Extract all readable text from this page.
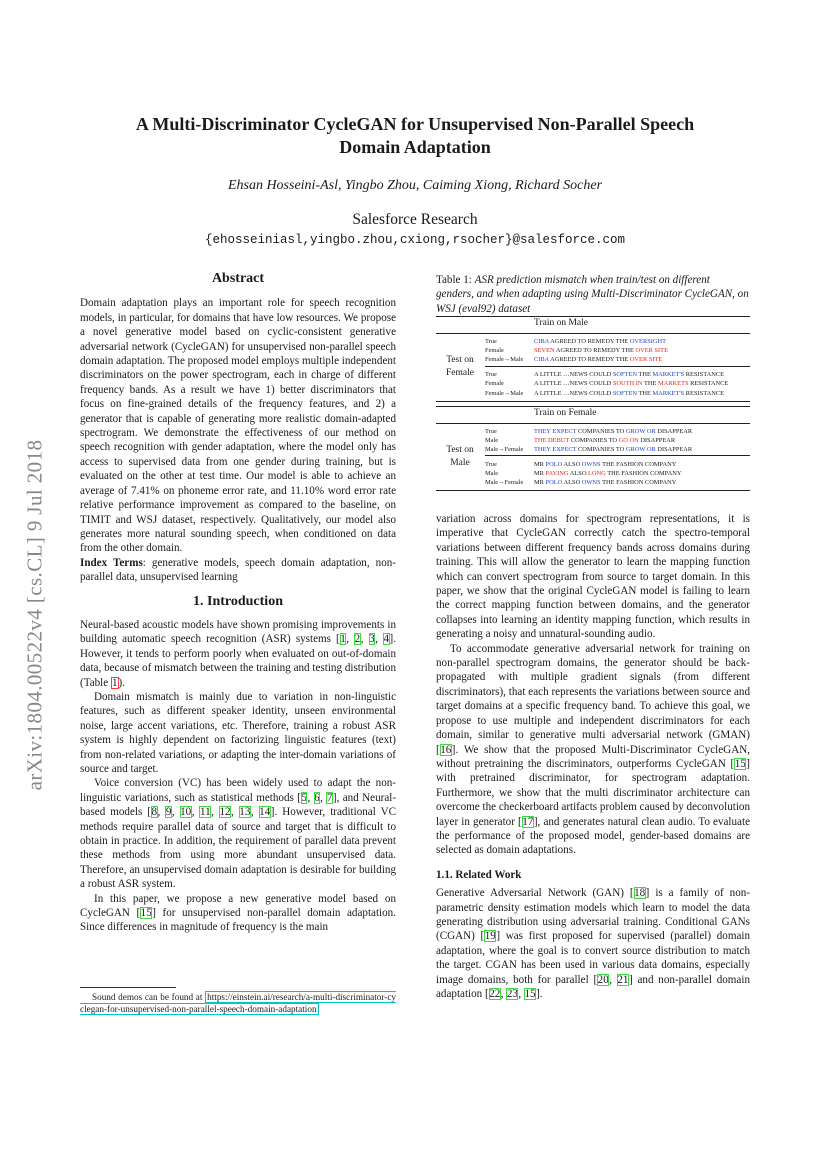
A Multi-Discriminator CycleGAN for Unsupervised Non-Parallel Speech
Domain Adaptation
Ehsan Hosseini-Asl, Yingbo Zhou, Caiming Xiong, Richard Socher
Salesforce Research
{ehosseiniasl,yingbo.zhou,cxiong,rsocher}@salesforce.com
arXiv:1804.00522v4 [cs.CL] 9 Jul 2018
Abstract

Domain adaptation plays an important role for speech recognition models, in particular, for domains that have low resources. We propose a novel generative model based on cyclic-consistent generative adversarial network (CycleGAN) for unsupervised non-parallel speech domain adaptation. The proposed model employs multiple independent discriminators on the power spectrogram, each in charge of different frequency bands. As a result we have 1) better discriminators that focus on fine-grained details of the frequency features, and 2) a generator that is capable of generating more realistic domain-adapted spectrogram. We demonstrate the effectiveness of our method on speech recognition with gender adaptation, where the model only has access to supervised data from one gender during training, but is evaluated on the other at test time. Our model is able to achieve an average of 7.41% on phoneme error rate, and 11.10% word error rate relative performance improvement as compared to the baseline, on TIMIT and WSJ dataset, respectively. Qualitatively, our model also generates more natural sounding speech, when conditioned on data from the other domain.

Index Terms: generative models, speech domain adaptation, non-parallel data, unsupervised learning

1. Introduction

Neural-based acoustic models have shown promising improvements in building automatic speech recognition (ASR) systems [1, 2, 3, 4]. However, it tends to perform poorly when evaluated on out-of-domain data, because of mismatch between the training and testing distribution (Table 1).

Domain mismatch is mainly due to variation in non-linguistic features, such as different speaker identity, unseen environmental noise, large accent variations, etc. Therefore, training a robust ASR system is highly dependent on factorizing linguistic features (text) from non-related variations, or adapting the inter-domain variations of source and target.

Voice conversion (VC) has been widely used to adapt the non-linguistic variations, such as statistical methods [5, 6, 7], and Neural-based models [8, 9, 10, 11, 12, 13, 14]. However, traditional VC methods require parallel data of source and target that is difficult to obtain in practice. In addition, the requirement of parallel data prevent these methods from using more abundant unsupervised data. Therefore, an unsupervised domain adaptation is desirable for building a robust ASR system.

In this paper, we propose a new generative model based on CycleGAN [15] for unsupervised non-parallel domain adaptation. Since differences in magnitude of frequency is the main

Sound demos can be found at https://einstein.ai/research/a-multi-discriminator-cyclegan-for-unsupervised-non-parallel-speech-domain-adaptation
Table 1: ASR prediction mismatch when train/test on different genders, and when adapting using Multi-Discriminator CycleGAN, on WSJ (eval92) dataset
Train on Male
True	CIBA AGREED TO REMEDY THE OVERSIGHT
Female	SEVEN AGREED TO REMEDY THE OVER SITE
Female→Male CIBA AGREED TO REMEDY THE OVER SITE
True	A LITTLE …NEWS COULD SOFTEN THE MARKET'S RESISTANCE
Female	A LITTLE …NEWS COULD SOUTH IN THE MARKETS RESISTANCE
Female→Male A LITTLE …NEWS COULD SOFTEN THE MARKET'S RESISTANCE
Test on
Female
Train on Female
True	THEY EXPECT COMPANIES TO GROW OR DISAPPEAR
Male	THE DEBUT COMPANIES TO GO ON DISAPPEAR
Male→Female THEY EXPECT COMPANIES TO GROW OR DISAPPEAR
True	MR POLO ALSO OWNS THE FASHION COMPANY
Male	MR PAYING ALSO LONG THE FASHION COMPANY
Male→Female MR POLO ALSO OWNS THE FASHION COMPANY
Test on
Male

variation across domains for spectrogram representations, it is imperative that CycleGAN correctly catch the spectro-temporal variations between different frequency bands across domains during training. This will allow the generator to learn the mapping function which can convert spectrogram from source to target domain. In this paper, we show that the original CycleGAN model is failing to learn the correct mapping function between domains, and the generator collapses into learning an identity mapping function, which results in generating a noisy and unnatural-sounding audio.

To accommodate generative adversarial network for training on non-parallel spectrogram domains, the generator should be back-propagated with multiple gradient signals (from different discriminators), that each represents the variations between source and target domains at a specific frequency band. To achieve this goal, we propose to use multiple and independent discriminators for each domain, similar to generative multi adversarial network (GMAN) [16]. We show that the proposed Multi-Discriminator CycleGAN, without pretraining the discriminators, outperforms CycleGAN [15] with pretrained discriminator, for spectrogram adaptation. Furthermore, we show that the multi discriminator architecture can overcome the checkerboard artifacts problem caused by deconvolution layer in generator [17], and generates natural clean audio. To evaluate the performance of the proposed model, gender-based domains are selected as domain adaptations.

1.1. Related Work

Generative Adversarial Network (GAN) [18] is a family of non-parametric density estimation models which learn to model the data generating distribution using adversarial training. Conditional GANs (CGAN) [19] was first proposed for supervised (parallel) domain adaptation, where the goal is to convert source distribution to match the target. CGAN has been used in various data domains, especially image domains, both for parallel [20, 21] and non-parallel domain adaptation [22, 23, 15].
